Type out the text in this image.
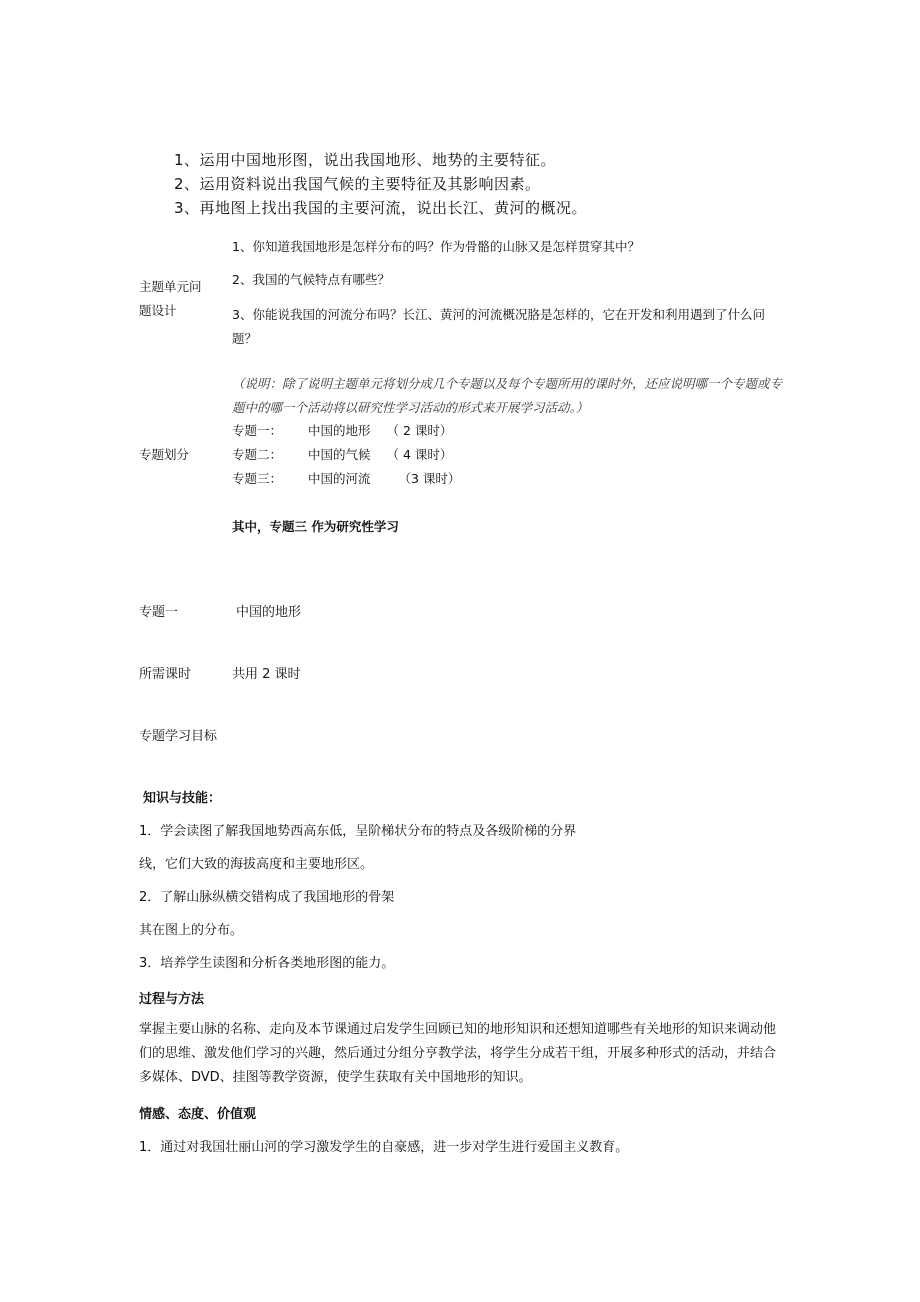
1、运用中国地形图，说出我国地形、地势的主要特征。
2、运用资料说出我国气候的主要特征及其影响因素。
3、再地图上找出我国的主要河流，说出长江、黄河的概况。
主题单元问
题设计
1、你知道我国地形是怎样分布的吗？作为骨骼的山脉又是怎样贯穿其中？
2、我国的气候特点有哪些？
3、你能说我国的河流分布吗？长江、黄河的河流概况胳是怎样的，它在开发和利用遇到了什么问题？
（说明：除了说明主题单元将划分成几个专题以及每个专题所用的课时外，还应说明哪一个专题或专题中的哪一个活动将以研究性学习活动的形式来开展学习活动。）
专题划分
专题一： 中国的地形 （ 2 课时）
专题二： 中国的气候 （ 4 课时）
专题三： 中国的河流 （3 课时）
其中，专题三 作为研究性学习
专题一	中国的地形
所需课时	共用 2 课时
专题学习目标
知识与技能：
1．学会读图了解我国地势西高东低，呈阶梯状分布的特点及各级阶梯的分界
线，它们大致的海拔高度和主要地形区。
2．了解山脉纵横交错构成了我国地形的骨架
其在图上的分布。
3．培养学生读图和分析各类地形图的能力。
过程与方法
掌握主要山脉的名称、走向及本节课通过启发学生回顾已知的地形知识和还想知道哪些有关地形的知识来调动他们的思维、激发他们学习的兴趣，然后通过分组分亨教学法，将学生分成若干组，开展多种形式的活动，并结合多媒体、DVD、挂图等教学资源，使学生获取有关中国地形的知识。
情感、态度、价值观
1．通过对我国壮丽山河的学习激发学生的自豪感，进一步对学生进行爱国主义教育。
